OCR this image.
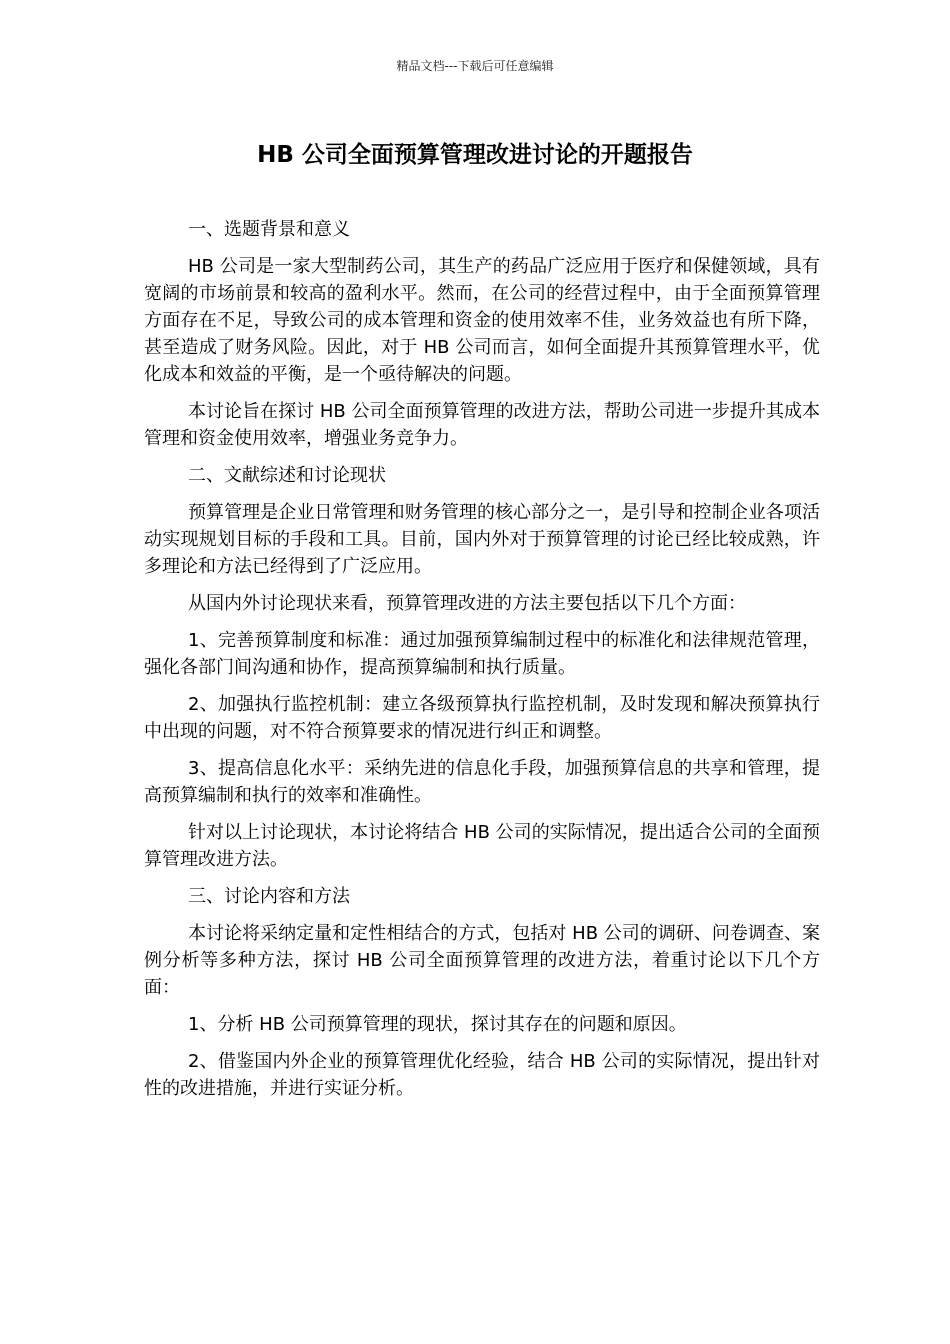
精品文档---下载后可任意编辑
HB 公司全面预算管理改进讨论的开题报告

一、选题背景和意义

HB 公司是一家大型制药公司，其生产的药品广泛应用于医疗和保健领域，具有宽阔的市场前景和较高的盈利水平。然而，在公司的经营过程中，由于全面预算管理方面存在不足，导致公司的成本管理和资金的使用效率不佳，业务效益也有所下降，甚至造成了财务风险。因此，对于 HB 公司而言，如何全面提升其预算管理水平，优化成本和效益的平衡，是一个亟待解决的问题。

本讨论旨在探讨 HB 公司全面预算管理的改进方法，帮助公司进一步提升其成本管理和资金使用效率，增强业务竞争力。

二、文献综述和讨论现状

预算管理是企业日常管理和财务管理的核心部分之一，是引导和控制企业各项活动实现规划目标的手段和工具。目前，国内外对于预算管理的讨论已经比较成熟，许多理论和方法已经得到了广泛应用。

从国内外讨论现状来看，预算管理改进的方法主要包括以下几个方面：

1、完善预算制度和标准：通过加强预算编制过程中的标准化和法律规范管理，强化各部门间沟通和协作，提高预算编制和执行质量。

2、加强执行监控机制：建立各级预算执行监控机制，及时发现和解决预算执行中出现的问题，对不符合预算要求的情况进行纠正和调整。

3、提高信息化水平：采纳先进的信息化手段，加强预算信息的共享和管理，提高预算编制和执行的效率和准确性。

针对以上讨论现状，本讨论将结合 HB 公司的实际情况，提出适合公司的全面预算管理改进方法。

三、讨论内容和方法

本讨论将采纳定量和定性相结合的方式，包括对 HB 公司的调研、问卷调查、案例分析等多种方法，探讨 HB 公司全面预算管理的改进方法，着重讨论以下几个方面：

1、分析 HB 公司预算管理的现状，探讨其存在的问题和原因。

2、借鉴国内外企业的预算管理优化经验，结合 HB 公司的实际情况，提出针对性的改进措施，并进行实证分析。
